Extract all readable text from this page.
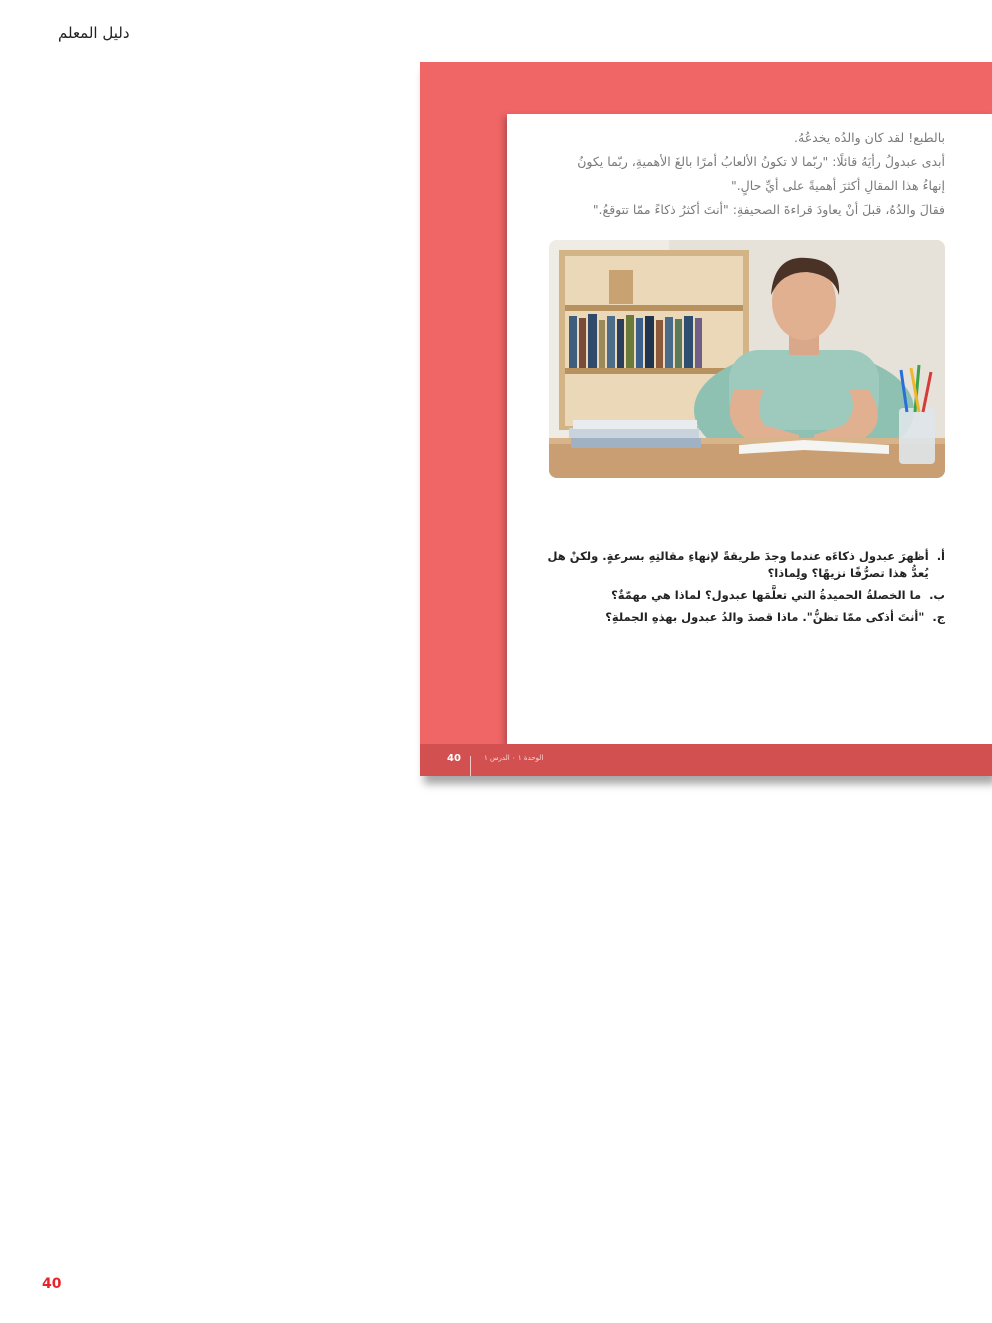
دليل المعلم

بالطبع! لقد كان والدُه يخدعُهُ.

أبدى عبدولُ رأيَهُ قائلًا: "ربّما لا تكونُ الألعابُ أمرًا بالغَ الأهميةِ، ربّما يكونُ

إنهاءُ هذا المقالِ أكثرَ أهميةً على أيِّ حالٍ."

فقالَ والدُهُ، قبلَ أنْ يعاودَ قراءةَ الصحيفةِ: "أنتَ أكثرُ ذكاءً ممّا تتوقعُ."

أ.
أظهرَ عبدول ذكاءَه عندما وجدَ طريقةً لإنهاءِ مقالتِهِ بسرعةٍ. ولكنْ هل يُعدُّ هذا تصرُّفًا نزيهًا؟ ولِماذا؟
ب.
ما الخصلةُ الحميدةُ التي تعلَّمَها عبدول؟ لماذا هي مهمّةٌ؟
ج.
"أنتَ أذكى ممّا تظنُّ". ماذا قصدَ والدُ عبدول بهذهِ الجملةِ؟
40	الوحدة ١ ٠ الدرس ١
40
